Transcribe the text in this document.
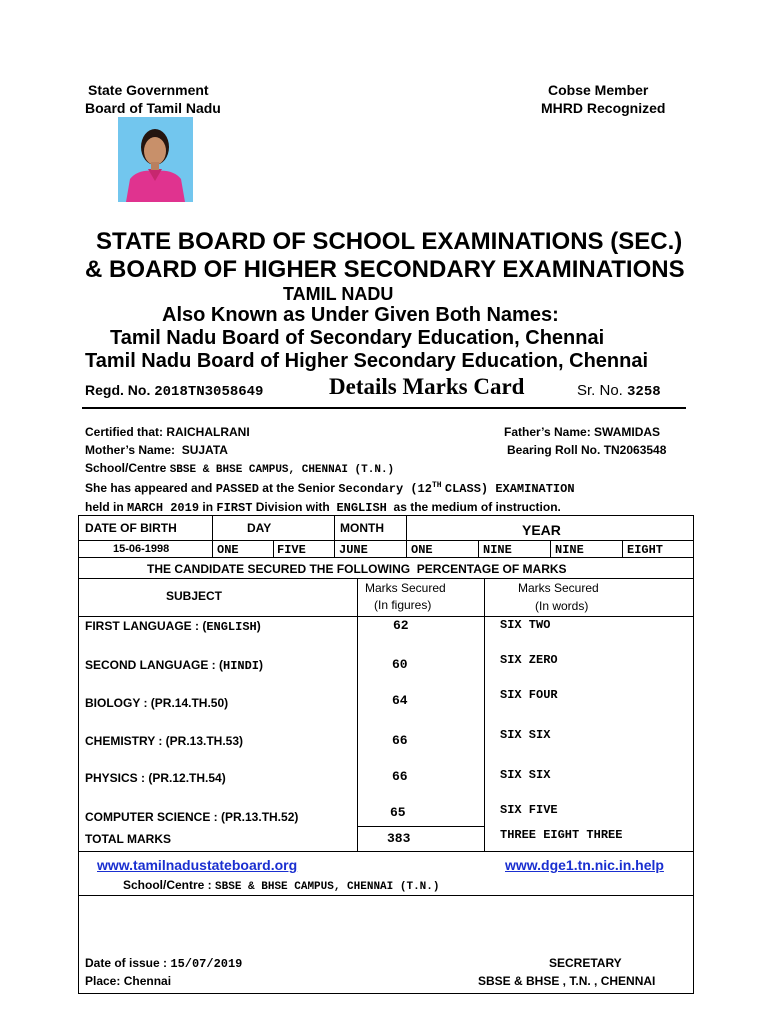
State Government
Board of Tamil Nadu
Cobse Member
MHRD Recognized
STATE BOARD OF SCHOOL EXAMINATIONS (SEC.)
& BOARD OF HIGHER SECONDARY EXAMINATIONS
TAMIL NADU
Also Known as Under Given Both Names:
Tamil Nadu Board of Secondary Education, Chennai
Tamil Nadu Board of Higher Secondary Education, Chennai
Regd. No. 2018TN3058649	Details Marks Card	Sr. No. 3258
Certified that: RAICHALRANI	Father’s Name: SWAMIDAS
Mother’s Name: SUJATA	Bearing Roll No. TN2063548
School/Centre SBSE & BHSE CAMPUS, CHENNAI (T.N.)
She has appeared and PASSED at the Senior Secondary (12TH CLASS) EXAMINATION
held in MARCH 2019 in FIRST Division with ENGLISH as the medium of instruction.
DATE OF BIRTH	DAY	MONTH	YEAR
15-06-1998	ONE	FIVE	JUNE	ONE	NINE	NINE	EIGHT
THE CANDIDATE SECURED THE FOLLOWING  PERCENTAGE OF MARKS
SUBJECT
Marks Secured
(In figures)
Marks Secured
(In words)
FIRST LANGUAGE : (ENGLISH)	62	SIX TWO
SECOND LANGUAGE : (HINDI)	60	SIX ZERO
BIOLOGY : (PR.14.TH.50)	64	SIX FOUR
CHEMISTRY : (PR.13.TH.53)	66	SIX SIX
PHYSICS : (PR.12.TH.54)	66	SIX SIX
COMPUTER SCIENCE : (PR.13.TH.52)	65	SIX FIVE
TOTAL MARKS	383	THREE EIGHT THREE
www.tamilnadustateboard.org	www.dge1.tn.nic.in.help
School/Centre : SBSE & BHSE CAMPUS, CHENNAI (T.N.)
Date of issue : 15/07/2019
Place: Chennai
SECRETARY
SBSE & BHSE , T.N. , CHENNAI
